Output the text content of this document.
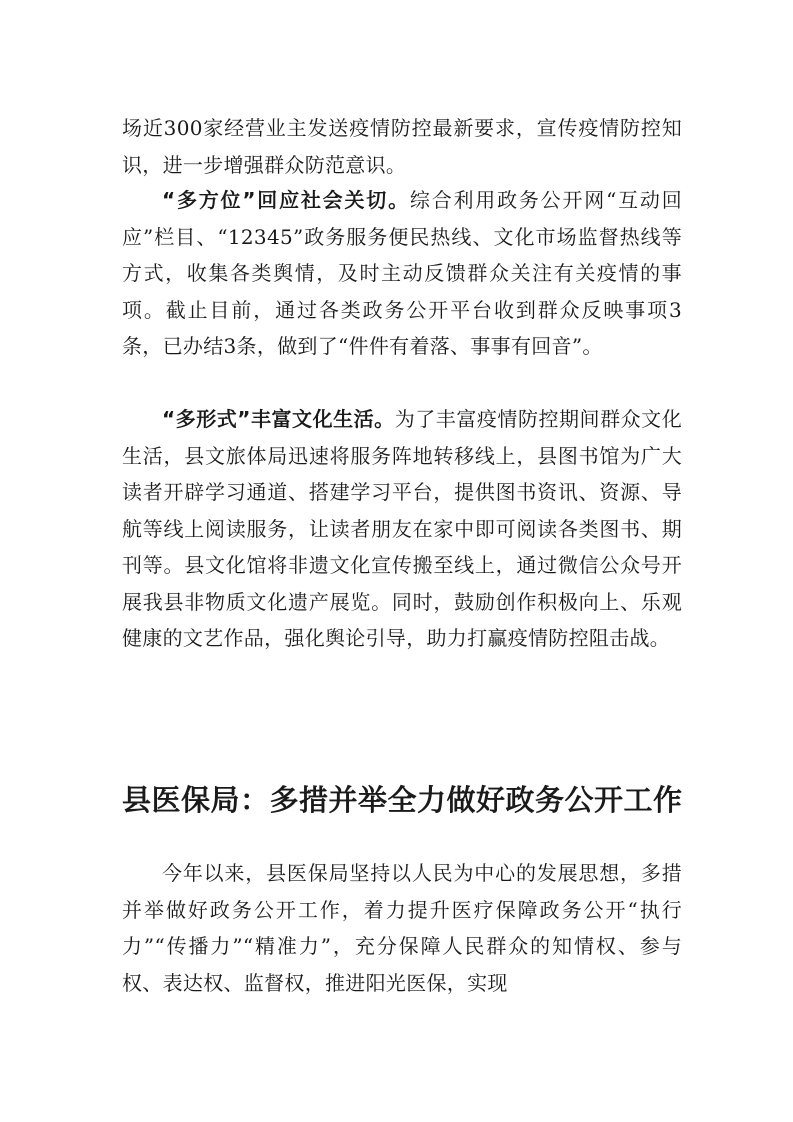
场近300家经营业主发送疫情防控最新要求，宣传疫情防控知识，进一步增强群众防范意识。

“多方位”回应社会关切。综合利用政务公开网“互动回应”栏目、“12345”政务服务便民热线、文化市场监督热线等方式，收集各类舆情，及时主动反馈群众关注有关疫情的事项。截止目前，通过各类政务公开平台收到群众反映事项3条，已办结3条，做到了“件件有着落、事事有回音”。

“多形式”丰富文化生活。为了丰富疫情防控期间群众文化生活，县文旅体局迅速将服务阵地转移线上，县图书馆为广大读者开辟学习通道、搭建学习平台，提供图书资讯、资源、导航等线上阅读服务，让读者朋友在家中即可阅读各类图书、期刊等。县文化馆将非遗文化宣传搬至线上，通过微信公众号开展我县非物质文化遗产展览。同时，鼓励创作积极向上、乐观健康的文艺作品，强化舆论引导，助力打赢疫情防控阻击战。

县医保局：多措并举全力做好政务公开工作

今年以来，县医保局坚持以人民为中心的发展思想，多措并举做好政务公开工作，着力提升医疗保障政务公开“执行力”“传播力”“精准力”，充分保障人民群众的知情权、参与权、表达权、监督权，推进阳光医保，实现
